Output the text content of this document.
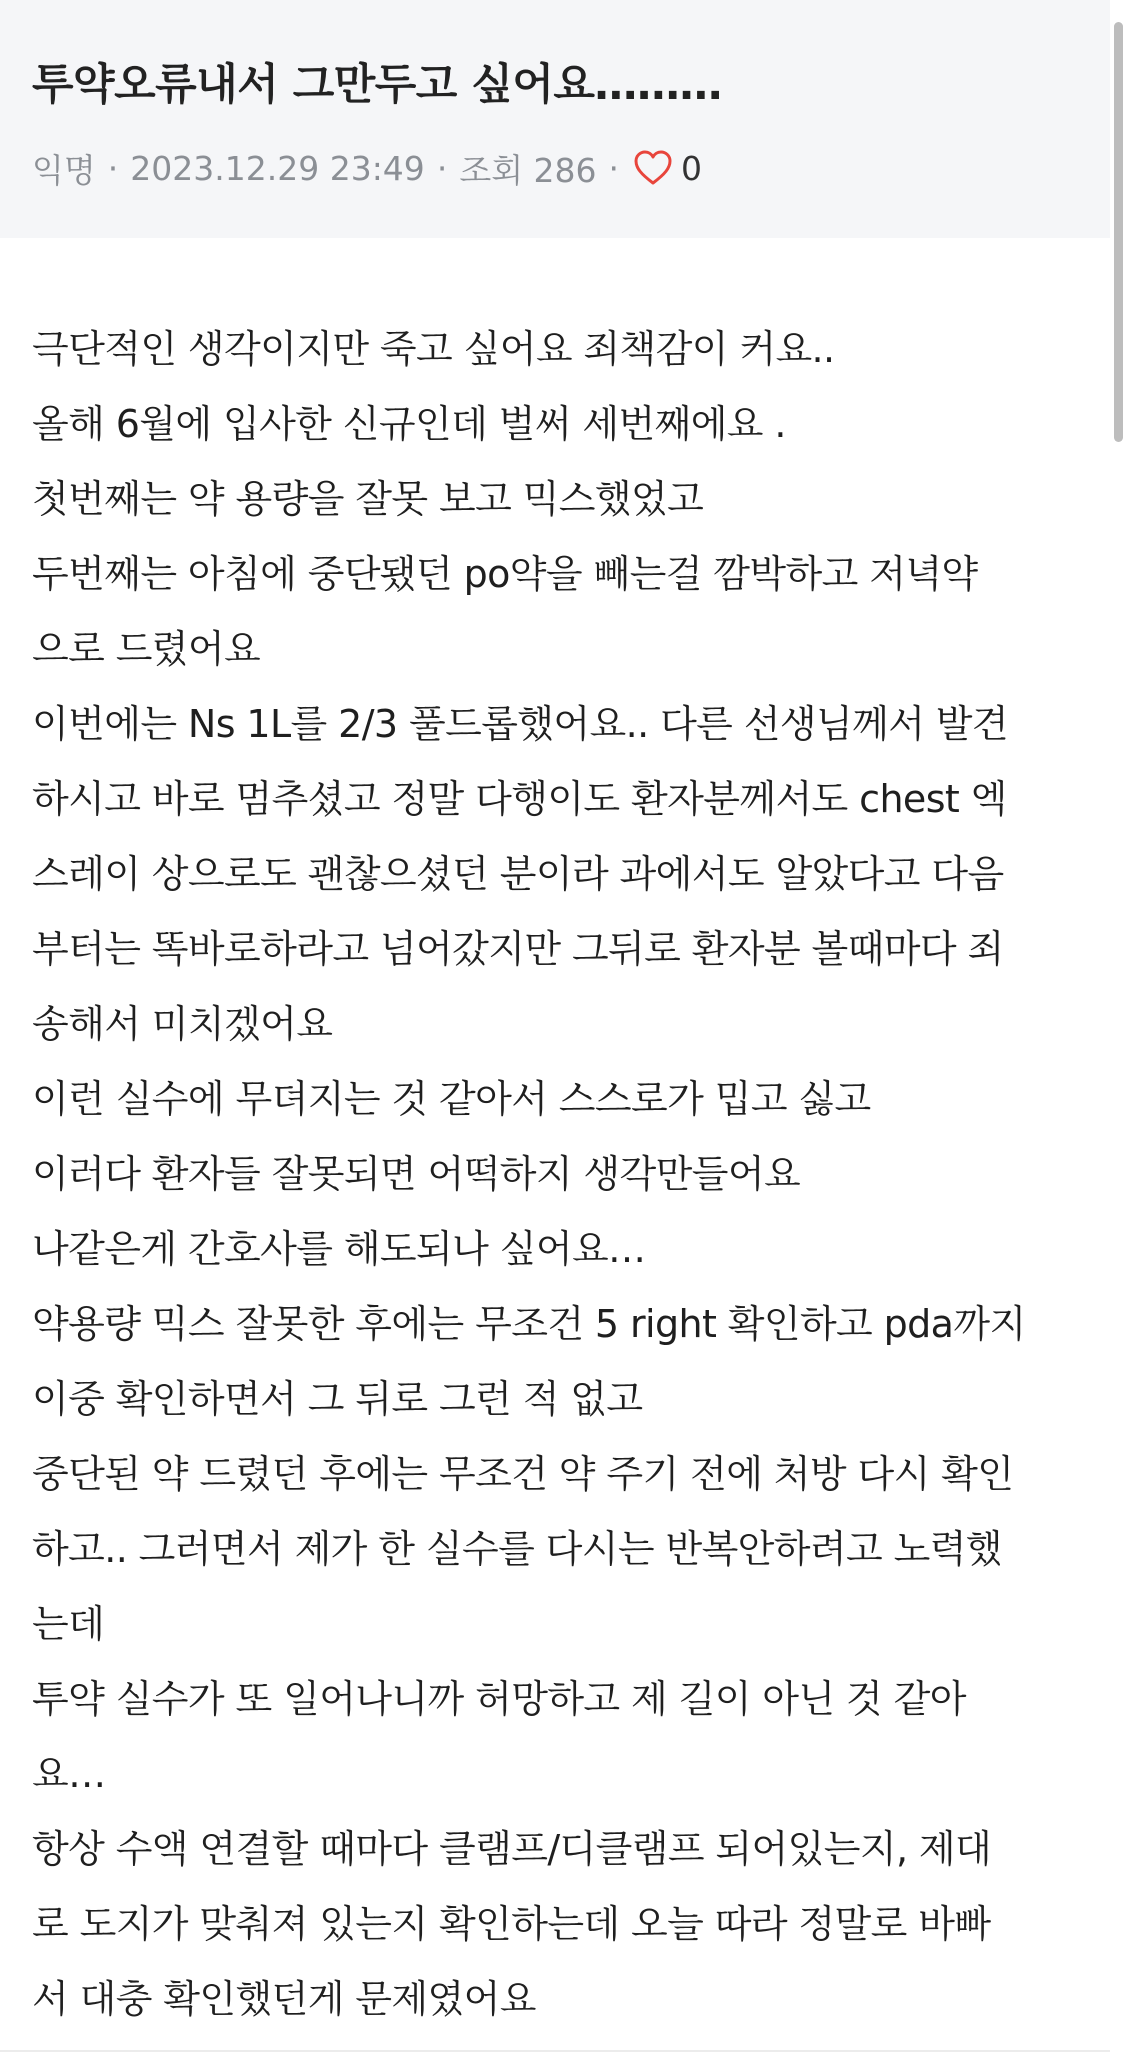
투약오류내서 그만두고 싶어요………
익명 · 2023.12.29 23:49 · 조회 286 · 0
극단적인 생각이지만 죽고 싶어요 죄책감이 커요..
올해 6월에 입사한 신규인데 벌써 세번째에요 .
첫번째는 약 용량을 잘못 보고 믹스했었고
두번째는 아침에 중단됐던 po약을 빼는걸 깜박하고 저녁약
으로 드렸어요
이번에는 Ns 1L를 2/3 풀드롭했어요.. 다른 선생님께서 발견
하시고 바로 멈추셨고 정말 다행이도 환자분께서도 chest 엑
스레이 상으로도 괜찮으셨던 분이라 과에서도 알았다고 다음
부터는 똑바로하라고 넘어갔지만 그뒤로 환자분 볼때마다 죄
송해서 미치겠어요
이런 실수에 무뎌지는 것 같아서 스스로가 밉고 싫고
이러다 환자들 잘못되면 어떡하지 생각만들어요
나같은게 간호사를 해도되나 싶어요…
약용량 믹스 잘못한 후에는 무조건 5 right 확인하고 pda까지
이중 확인하면서 그 뒤로 그런 적 없고
중단된 약 드렸던 후에는 무조건 약 주기 전에 처방 다시 확인
하고.. 그러면서 제가 한 실수를 다시는 반복안하려고 노력했
는데
투약 실수가 또 일어나니까 허망하고 제 길이 아닌 것 같아
요…
항상 수액 연결할 때마다 클램프/디클램프 되어있는지, 제대
로 도지가 맞춰져 있는지 확인하는데 오늘 따라 정말로 바빠
서 대충 확인했던게 문제였어요
